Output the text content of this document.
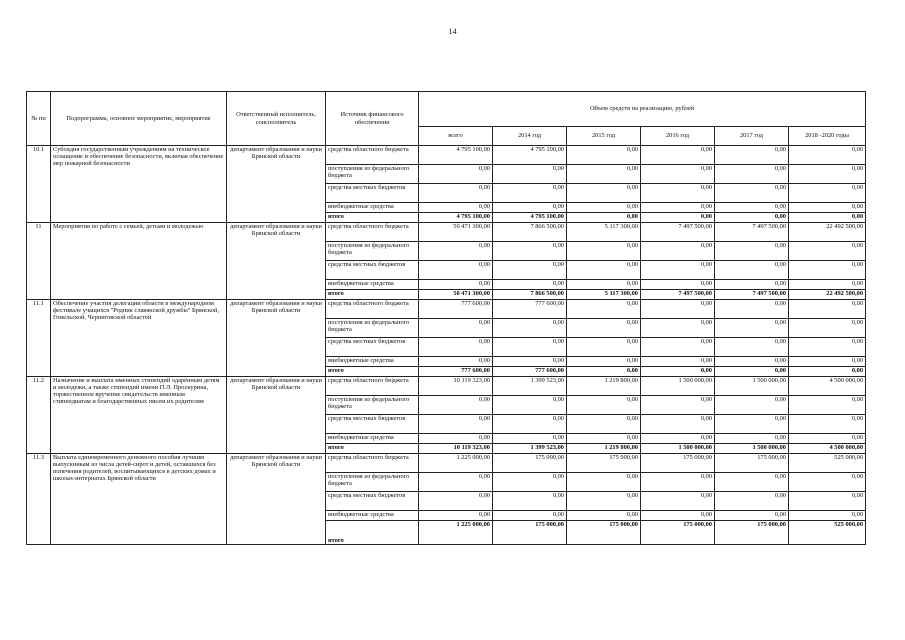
14
№ пп	Подпрограмма, основное мероприятие, мероприятие	Ответственный исполнитель, соисполнитель	Источник финансового обеспечения	Объем средств на реализацию, рублей					
				всего	2014 год	2015 год	2016 год	2017 год	2018 -2020 годы
10.1	Субсидия государственным учреждениям на техническое оснащение и обеспечение безопасности, включая обеспечение мер пожарной безопасности	департамент образования и науки Брянской области	средства областного бюджета	4 795 100,00	4 795 100,00	0,00	0,00	0,00	0,00
			поступления из федерального бюджета	0,00	0,00	0,00	0,00	0,00	0,00
			средства местных бюджетов	0,00	0,00	0,00	0,00	0,00	0,00
			внебюджетные средства	0,00	0,00	0,00	0,00	0,00	0,00
			итого	4 795 100,00	4 795 100,00	0,00	0,00	0,00	0,00
11	Мероприятия по работе с семьей, детьми и молодежью	департамент образования и науки Брянской области	средства областного бюджета	50 471 300,00	7 866 500,00	5 117 300,00	7 497 500,00	7 497 500,00	22 492 500,00
			поступления из федерального бюджета	0,00	0,00	0,00	0,00	0,00	0,00
			средства местных бюджетов	0,00	0,00	0,00	0,00	0,00	0,00
			внебюджетные средства	0,00	0,00	0,00	0,00	0,00	0,00
			итого	50 471 300,00	7 866 500,00	5 117 300,00	7 497 500,00	7 497 500,00	22 492 500,00
11.1	Обеспечение участия делегации области в международном фестивале учащихся "Родник славянской дружбы" Брянской, Гомельской, Черниговской областей	департамент образования и науки Брянской области	средства областного бюджета	777 600,00	777 600,00	0,00	0,00	0,00	0,00
			поступления из федерального бюджета	0,00	0,00	0,00	0,00	0,00	0,00
			средства местных бюджетов	0,00	0,00	0,00	0,00	0,00	0,00
			внебюджетные средства	0,00	0,00	0,00	0,00	0,00	0,00
			итого	777 600,00	777 600,00	0,00	0,00	0,00	0,00
11.2	Назначение и выплата именных стипендий одарённым детям и молодежи, а также стипендий имени П.Л. Проскурина, торжественное вручение свидетельств именным стипендиатам и благодарственных писем их родителям	департамент образования и науки Брянской области	средства областного бюджета	10 119 323,00	1 399 523,00	1 219 800,00	1 500 000,00	1 500 000,00	4 500 000,00
			поступления из федерального бюджета	0,00	0,00	0,00	0,00	0,00	0,00
			средства местных бюджетов	0,00	0,00	0,00	0,00	0,00	0,00
			внебюджетные средства	0,00	0,00	0,00	0,00	0,00	0,00
			итого	10 119 323,00	1 399 523,00	1 219 800,00	1 500 000,00	1 500 000,00	4 500 000,00
11.3	Выплата единовременного денежного пособия лучшим выпускникам из числа детей-сирот и детей, оставшихся без попечения родителей, воспитывающихся в детских домах и школах-интернатах Брянской области	департамент образования и науки Брянской области	средства областного бюджета	1 225 000,00	175 000,00	175 000,00	175 000,00	175 000,00	525 000,00
			поступления из федерального бюджета	0,00	0,00	0,00	0,00	0,00	0,00
			средства местных бюджетов	0,00	0,00	0,00	0,00	0,00	0,00
			внебюджетные средства	0,00	0,00	0,00	0,00	0,00	0,00
			итого	1 225 000,00	175 000,00	175 000,00	175 000,00	175 000,00	525 000,00
